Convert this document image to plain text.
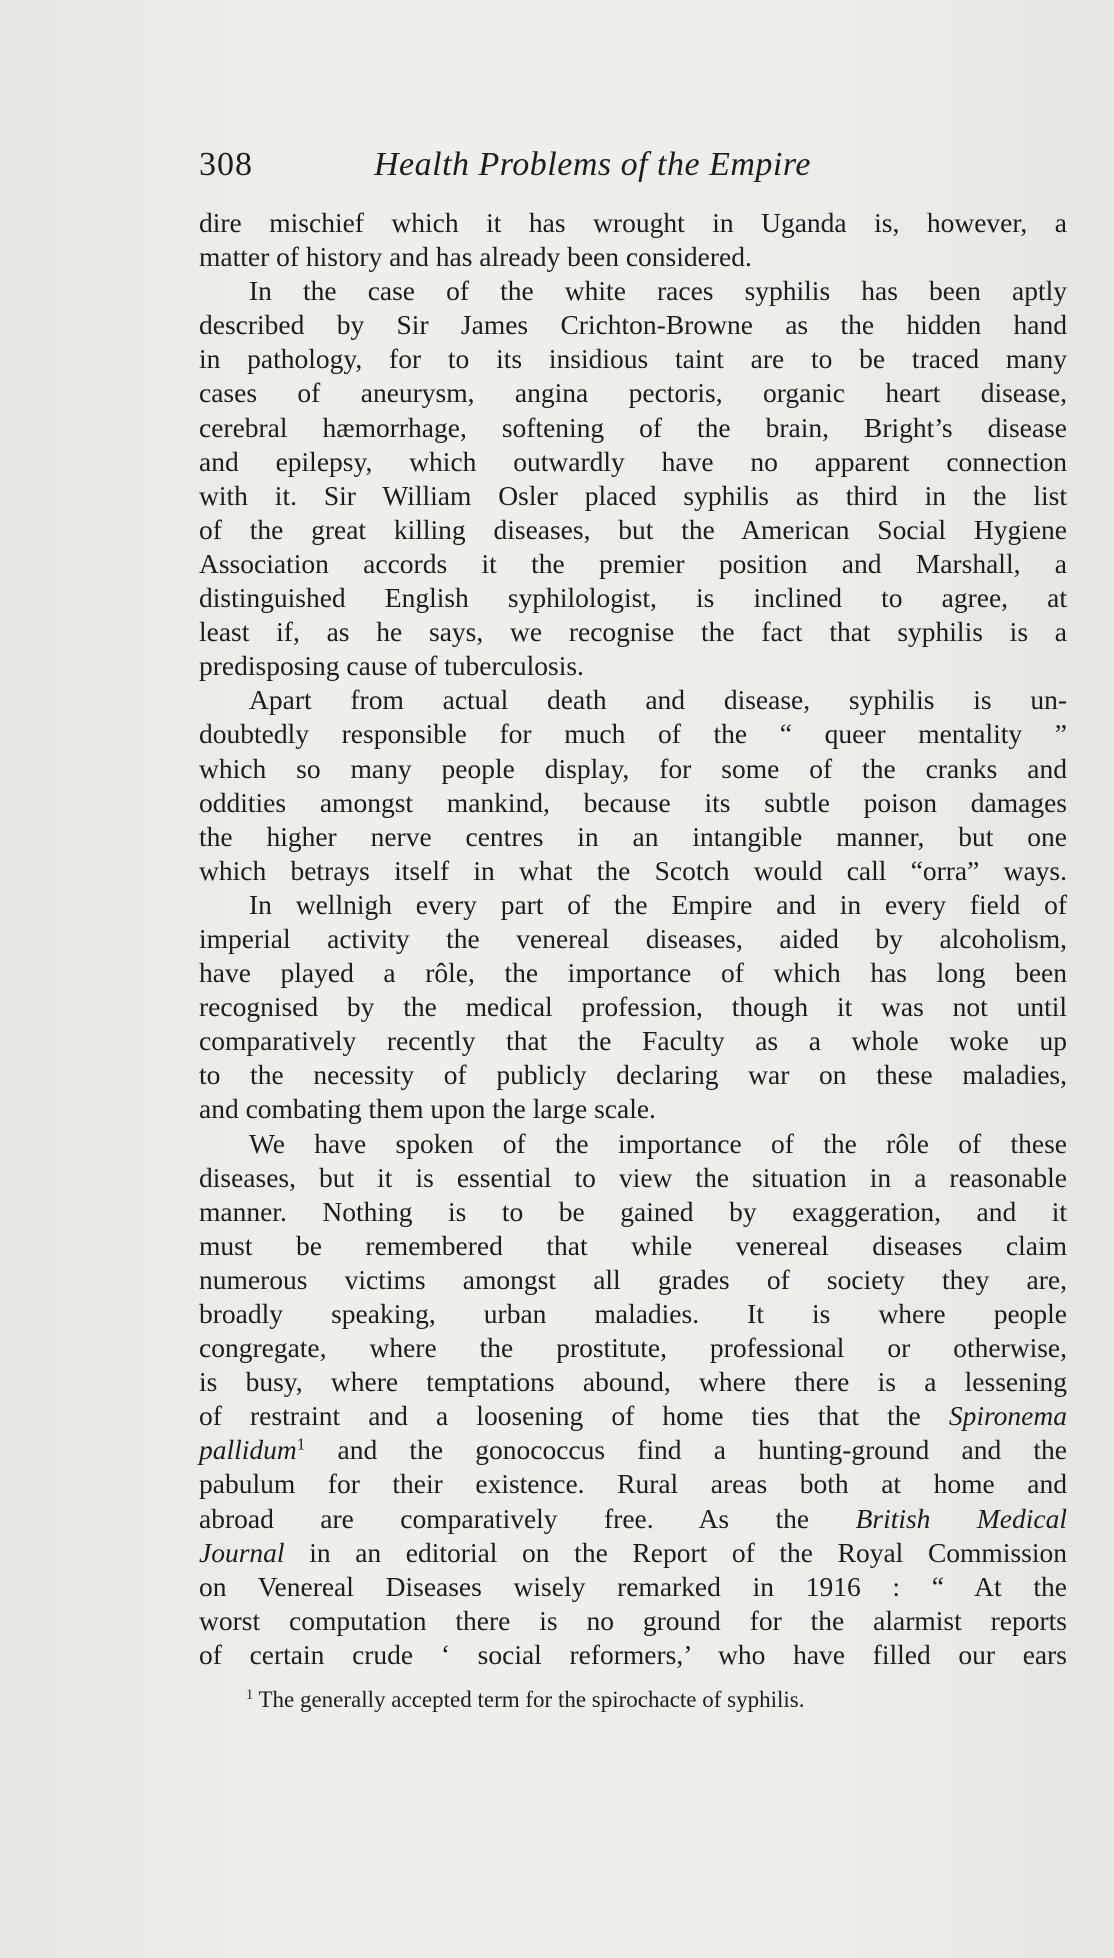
308	Health Problems of the Empire
dire mischief which it has wrought in Uganda is, however, a
matter of history and has already been considered.
In the case of the white races syphilis has been aptly
described by Sir James Crichton-Browne as the hidden hand
in pathology, for to its insidious taint are to be traced many
cases of aneurysm, angina pectoris, organic heart disease,
cerebral hæmorrhage, softening of the brain, Bright’s disease
and epilepsy, which outwardly have no apparent connection
with it. Sir William Osler placed syphilis as third in the list
of the great killing diseases, but the American Social Hygiene
Association accords it the premier position and Marshall, a
distinguished English syphilologist, is inclined to agree, at
least if, as he says, we recognise the fact that syphilis is a
predisposing cause of tuberculosis.
Apart from actual death and disease, syphilis is un-
doubtedly responsible for much of the “ queer mentality ”
which so many people display, for some of the cranks and
oddities amongst mankind, because its subtle poison damages
the higher nerve centres in an intangible manner, but one
which betrays itself in what the Scotch would call “orra” ways.
In wellnigh every part of the Empire and in every field of
imperial activity the venereal diseases, aided by alcoholism,
have played a rôle, the importance of which has long been
recognised by the medical profession, though it was not until
comparatively recently that the Faculty as a whole woke up
to the necessity of publicly declaring war on these maladies,
and combating them upon the large scale.
We have spoken of the importance of the rôle of these
diseases, but it is essential to view the situation in a reasonable
manner. Nothing is to be gained by exaggeration, and it
must be remembered that while venereal diseases claim
numerous victims amongst all grades of society they are,
broadly speaking, urban maladies. It is where people
congregate, where the prostitute, professional or otherwise,
is busy, where temptations abound, where there is a lessening
of restraint and a loosening of home ties that the Spironema
pallidum$^1$ and the gonococcus find a hunting-ground and the
pabulum for their existence. Rural areas both at home and
abroad are comparatively free. As the British Medical
Journal in an editorial on the Report of the Royal Commission
on Venereal Diseases wisely remarked in 1916 : “ At the
worst computation there is no ground for the alarmist reports
of certain crude ‘ social reformers,’ who have filled our ears
$^1$ The generally accepted term for the spirochacte of syphilis.
